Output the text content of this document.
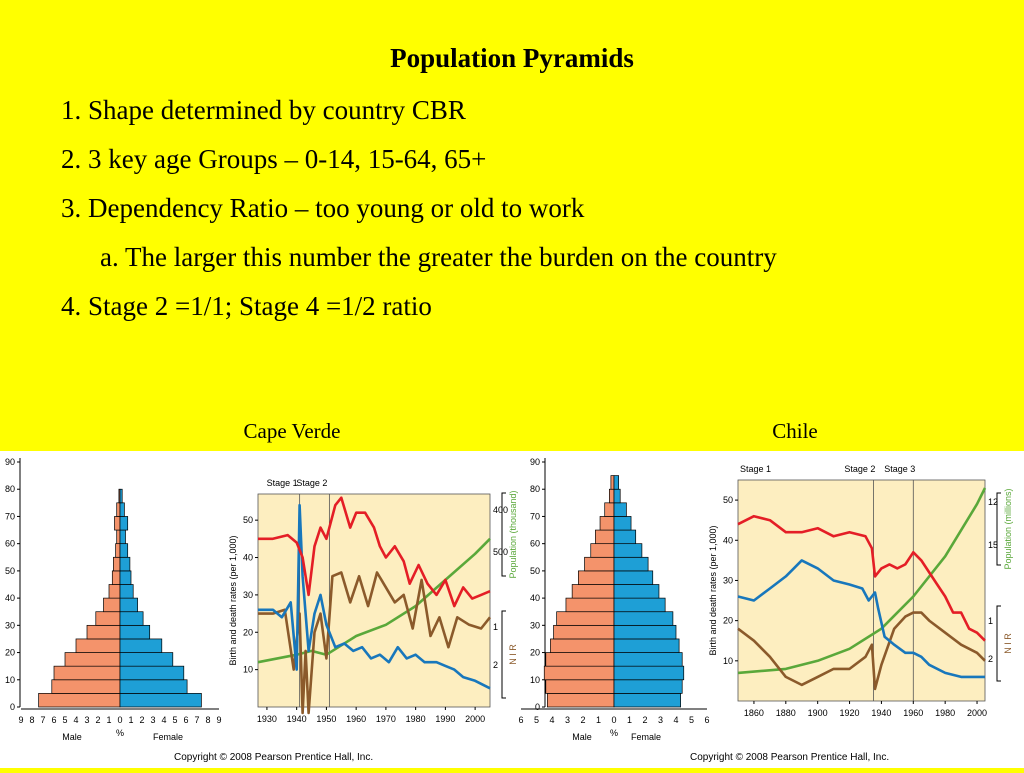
Population Pyramids
1. Shape determined by country CBR
2. 3 key age Groups – 0-14, 15-64, 65+
3. Dependency Ratio – too young or old to work
a. The larger this number the greater the burden on the country
4. Stage 2 =1/1; Stage 4 =1/2 ratio
Cape Verde	Chile
0
10
20
30
40
50
60
70
80
90
9 8 7 6 5 4 3 2 1 0 1 2 3 4 5 6 7 8 9
Male	Female
%
Stage 1
Stage 2
10
20
30
40
50
1930 1940 1950 1960 1970 1980 1990 2000
Birth and death rates (per 1,000)
Population (thousand)
400
500
N I R
1
2
0
10
20
30
40
50
60
70
80
90
6 5 4 3 2 1 0 1 2 3 4 5 6
Male	Female
%
Stage 1	Stage 2 Stage 3
10
20
30
40
50
1860 1880 1900 1920 1940 1960 1980 2000
Birth and death rates (per 1,000)	Population (millions)
12
15
N I R
1
2
Copyright © 2008 Pearson Prentice Hall, Inc.	Copyright © 2008 Pearson Prentice Hall, Inc.
